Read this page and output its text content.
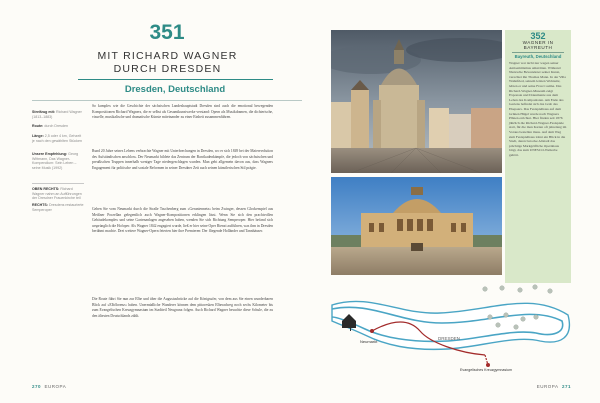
351
MIT RICHARD WAGNER DURCH DRESDEN
Dresden, Deutschland
Streifzug mit: Richard Wagner (1813–1883)
Route: durch Dresden
Länge: 2,5 oder 4 km, Gehzeit je nach den gewählten Stücken
Unsere Empfehlung: Georg Wittmann, Das Wagner-Kompendium: Sein Leben – seine Musik (1992)
OBEN RECHTS: Richard Wagner nahm an Aufführungen der Dresdner Frauenkirche teil
RECHTS: Dresdens restaurierte Semperoper

So komplex wie die Geschichte der sächsischen Landeshauptstadt Dresden sind auch die emotional bewegenden Kompositionen Richard Wagners, die er selbst als Gesamtkunstwerke verstand: Opern als Musikdramen, die dichterische, visuelle, musikalische und dramatische Künste miteinander zu einer Einheit zusammenführen.

Rund 20 Jahre seines Lebens verbrachte Wagner mit Unterbrechungen in Dresden, wo er sich 1849 bei der Maierevolution des Aufständischen anschloss. Der Neumarkt bildete das Zentrum der Barrikadenkämpfe, die jedoch von sächsischen und preußischen Truppen innerhalb weniger Tage niedergeschlagen wurden. Man geht allgemein davon aus, dass Wagners Engagement für politische und soziale Reformen in seiner Dresdner Zeit auch seinen künstlerischen Stil prägte.

Gehen Sie vom Neumarkt durch die Straße Taschenberg zum »Geraniennetz« beim Zwinger, dessen Glockenspiel aus Meißner Porzellan gelegentlich auch Wagner-Kompositionen erklingen lässt. Wenn Sie sich den prachtvollen Gebäudekomplex und seine Gartenanlagen angesehen haben, wenden Sie sich Richtung Semperoper. Hier befand sich ursprünglich die Hofoper. Als Wagner 1842 engagiert wurde, ließ er hier seine Oper Rienzi aufführen, was ihm in Dresden berühmt machte. Drei weitere Wagner-Opern feierten hier ihre Premieren: Der fliegende Holländer und Tannhäuser.

Die Route führt Sie nun zur Elbe und über die Augustusbrücke auf die Königsufer, von dem aus Sie einen wunderbaren Blick auf »Elbflorenz« haben. Unermüdliche Wanderer können dem pittoresken Elberadweg noch sechs Kilometer bis zum Evangelischen Kreuzgymnasium im Stadtteil Neugruna folgen. Auch Richard Wagner besuchte diese Schule, die zu den ältesten Deutschlands zählt.

270 EUROPA
352
WAGNER IN BAYREUTH
Bayreuth, Deutschland

Wagner war nicht nur wegen seiner Antisemitismus umstritten. Während Nietzsche Bewunderer seiner Kunst, verachtet ihn Thomas Mann. In der Villa Wahnfried, seinem letzten Wohnsitz, lebten er und seine Frau Cosima. Das Richard-Wagner-Museum zeigt Exponate und Dokumente aus dem Leben des Komponisten. Am Ende des Gartens befindet sich das Grab des Ehepaars. Das Festspielhaus auf dem Grünen Hügel wurde nach Wagners Plänen errichtet. Hier finden seit 1876 jährlich die Richard-Wagner-Festspiele statt, für die man Karten oft jahrelang im Voraus bestellen muss. Auf dem Weg zum Festspielhaus lohnt ein Blick in die Stadt, deren barocke Altstadt das prächtige Markgräfliche Opernhaus birgt, das zum UNESCO-Welterbe gehört.

DRESDEN
Neumarkt
Evangelisches Kreuzgymnasium
EUROPA 271
